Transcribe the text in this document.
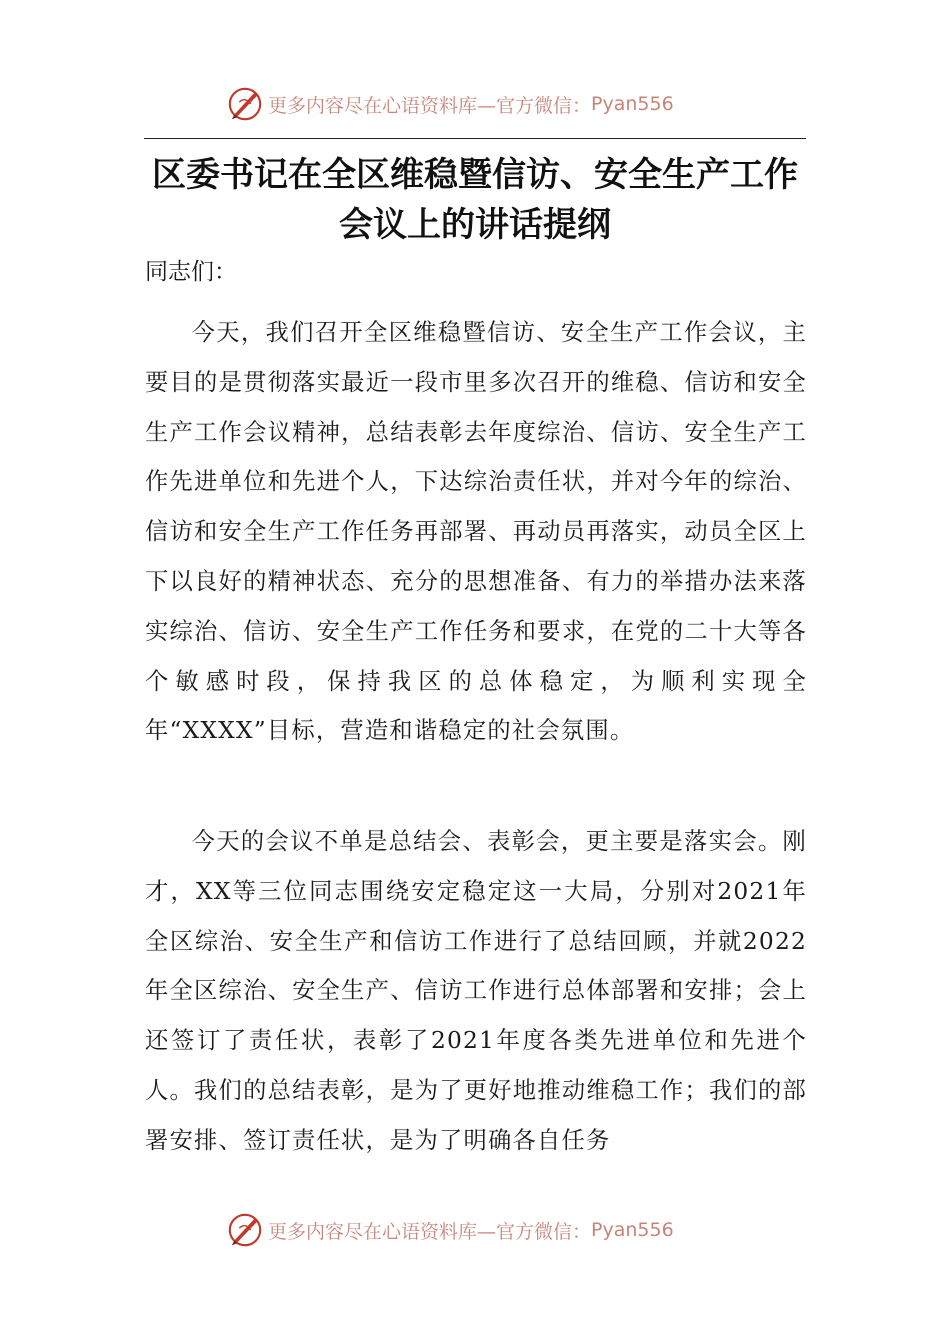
更多内容尽在心语资料库—官方微信： Pyan556
区委书记在全区维稳暨信访、安全生产工作会议上的讲话提纲
同志们：

今天，我们召开全区维稳暨信访、安全生产工作会议，主要目的是贯彻落实最近一段市里多次召开的维稳、信访和安全生产工作会议精神，总结表彰去年度综治、信访、安全生产工作先进单位和先进个人，下达综治责任状，并对今年的综治、信访和安全生产工作任务再部署、再动员再落实，动员全区上下以良好的精神状态、充分的思想准备、有力的举措办法来落实综治、信访、安全生产工作任务和要求，在党的二十大等各个敏感时段，保持我区的总体稳定，为顺利实现全年“XXXX”目标，营造和谐稳定的社会氛围。

今天的会议不单是总结会、表彰会，更主要是落实会。刚才，XX等三位同志围绕安定稳定这一大局，分别对2021年全区综治、安全生产和信访工作进行了总结回顾，并就2022年全区综治、安全生产、信访工作进行总体部署和安排；会上还签订了责任状，表彰了2021年度各类先进单位和先进个人。我们的总结表彰，是为了更好地推动维稳工作；我们的部署安排、签订责任状，是为了明确各自任务

更多内容尽在心语资料库—官方微信： Pyan556
